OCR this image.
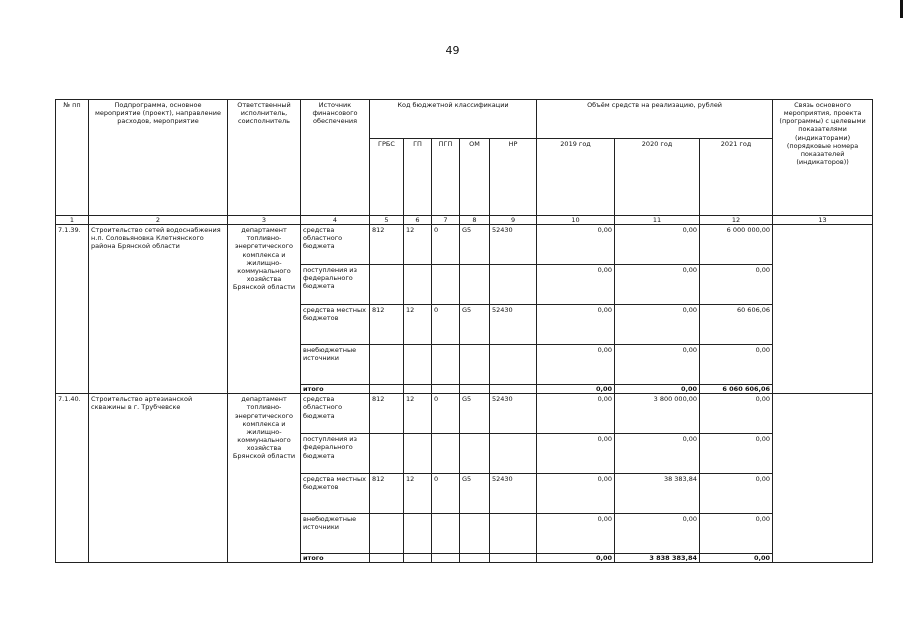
49
№ пп	Подпрограмма, основное мероприятие (проект), направление расходов, мероприятие	Ответственный исполнитель, соисполнитель	Источник финансового обеспечения	Код бюджетной классификации					Объём средств на реализацию, рублей			Связь основного мероприятия, проекта (программы) с целевыми показателями (индикаторами) (порядковые номера показателей (индикаторов))
				ГРБС	ГП	ПГП	ОМ	НР	2019 год	2020 год	2021 год	
1	2	3	4	5	6	7	8	9	10	11	12	13
7.1.39.	Строительство сетей водоснабжения н.п. Соловьяновка Клетнянского района Брянской области	департамент топливно-энергетического комплекса и жилищно-коммунального хозяйства Брянской области	средства областного бюджета	812	12	0	G5	52430	0,00	0,00	6 000 000,00	
			поступления из федерального бюджета						0,00	0,00	0,00	
			средства местных бюджетов	812	12	0	G5	52430	0,00	0,00	60 606,06	
			внебюджетные источники						0,00	0,00	0,00	
			итого						0,00	0,00	6 060 606,06	
7.1.40.	Строительство артезианской скважины в г. Трубчевске	департамент топливно-энергетического комплекса и жилищно-коммунального хозяйства Брянской области	средства областного бюджета	812	12	0	G5	52430	0,00	3 800 000,00	0,00	
			поступления из федерального бюджета						0,00	0,00	0,00	
			средства местных бюджетов	812	12	0	G5	52430	0,00	38 383,84	0,00	
			внебюджетные источники						0,00	0,00	0,00	
			итого						0,00	3 838 383,84	0,00	
